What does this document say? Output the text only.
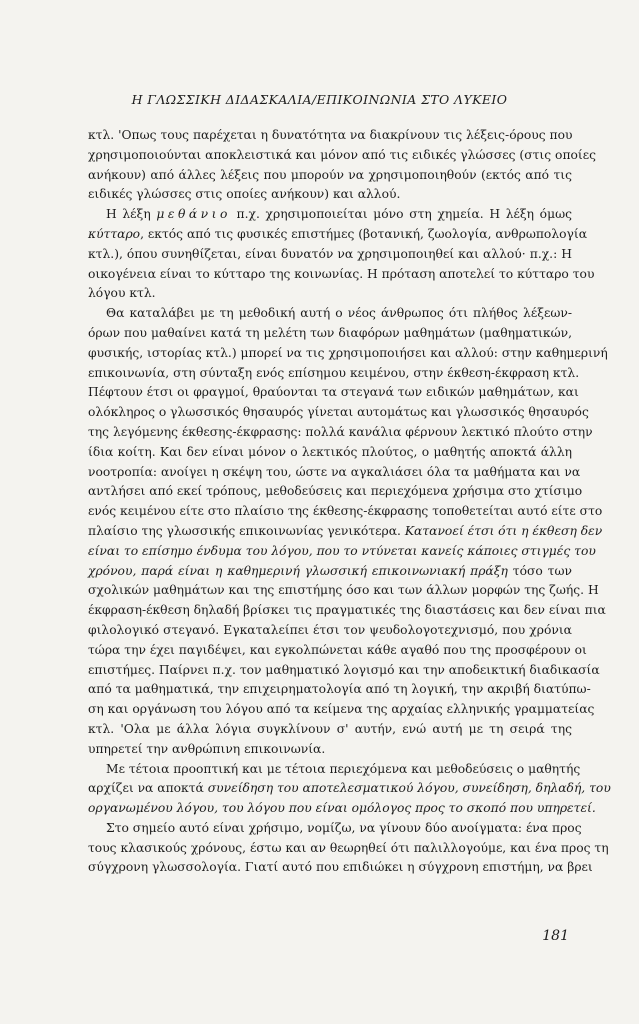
Η ΓΛΩΣΣΙΚΗ ΔΙΔΑΣΚΑΛΙΑ/ΕΠΙΚΟΙΝΩΝΙΑ ΣΤΟ ΛΥΚΕΙΟ
κτλ. 'Οπως τους παρέχεται η δυνατότητα να διακρίνουν τις λέξεις-όρους που
χρησιμοποιούνται αποκλειστικά και μόνον από τις ειδικές γλώσσες (στις οποίες
ανήκουν) από άλλες λέξεις που μπορούν να χρησιμοποιηθούν (εκτός από τις
ειδικές γλώσσες στις οποίες ανήκουν) και αλλού.
Η λέξη μεθάνιο π.χ. χρησιμοποιείται μόνο στη χημεία. Η λέξη όμως
κύτταρο, εκτός από τις φυσικές επιστήμες (βοτανική, ζωολογία, ανθρωπολογία
κτλ.), όπου συνηθίζεται, είναι δυνατόν να χρησιμοποιηθεί και αλλού· π.χ.: Η
οικογένεια είναι το κύτταρο της κοινωνίας. Η πρόταση αποτελεί το κύτταρο του
λόγου κτλ.
Θα καταλάβει με τη μεθοδική αυτή ο νέος άνθρωπος ότι πλήθος λέξεων-
όρων που μαθαίνει κατά τη μελέτη των διαφόρων μαθημάτων (μαθηματικών,
φυσικής, ιστορίας κτλ.) μπορεί να τις χρησιμοποιήσει και αλλού: στην καθημερινή
επικοινωνία, στη σύνταξη ενός επίσημου κειμένου, στην έκθεση-έκφραση κτλ.
Πέφτουν έτσι οι φραγμοί, θραύονται τα στεγανά των ειδικών μαθημάτων, και
ολόκληρος ο γλωσσικός θησαυρός γίνεται αυτομάτως και γλωσσικός θησαυρός
της λεγόμενης έκθεσης-έκφρασης: πολλά κανάλια φέρνουν λεκτικό πλούτο στην
ίδια κοίτη. Και δεν είναι μόνον ο λεκτικός πλούτος, ο μαθητής αποκτά άλλη
νοοτροπία: ανοίγει η σκέψη του, ώστε να αγκαλιάσει όλα τα μαθήματα και να
αντλήσει από εκεί τρόπους, μεθοδεύσεις και περιεχόμενα χρήσιμα στο χτίσιμο
ενός κειμένου είτε στο πλαίσιο της έκθεσης-έκφρασης τοποθετείται αυτό είτε στο
πλαίσιο της γλωσσικής επικοινωνίας γενικότερα. Κατανοεί έτσι ότι η έκθεση δεν
είναι το επίσημο ένδυμα του λόγου, που το ντύνεται κανείς κάποιες στιγμές του
χρόνου, παρά είναι η καθημερινή γλωσσική επικοινωνιακή πράξη τόσο των
σχολικών μαθημάτων και της επιστήμης όσο και των άλλων μορφών της ζωής. Η
έκφραση-έκθεση δηλαδή βρίσκει τις πραγματικές της διαστάσεις και δεν είναι πια
φιλολογικό στεγανό. Εγκαταλείπει έτσι τον ψευδολογοτεχνισμό, που χρόνια
τώρα την έχει παγιδέψει, και εγκολπώνεται κάθε αγαθό που της προσφέρουν οι
επιστήμες. Παίρνει π.χ. τον μαθηματικό λογισμό και την αποδεικτική διαδικασία
από τα μαθηματικά, την επιχειρηματολογία από τη λογική, την ακριβή διατύπω-
ση και οργάνωση του λόγου από τα κείμενα της αρχαίας ελληνικής γραμματείας
κτλ. 'Ολα με άλλα λόγια συγκλίνουν σ' αυτήν, ενώ αυτή με τη σειρά της
υπηρετεί την ανθρώπινη επικοινωνία.
Με τέτοια προοπτική και με τέτοια περιεχόμενα και μεθοδεύσεις ο μαθητής
αρχίζει να αποκτά συνείδηση του αποτελεσματικού λόγου, συνείδηση, δηλαδή, του
οργανωμένου λόγου, του λόγου που είναι ομόλογος προς το σκοπό που υπηρετεί.
Στο σημείο αυτό είναι χρήσιμο, νομίζω, να γίνουν δύο ανοίγματα: ένα προς
τους κλασικούς χρόνους, έστω και αν θεωρηθεί ότι παλιλλογούμε, και ένα προς τη
σύγχρονη γλωσσολογία. Γιατί αυτό που επιδιώκει η σύγχρονη επιστήμη, να βρει
181
